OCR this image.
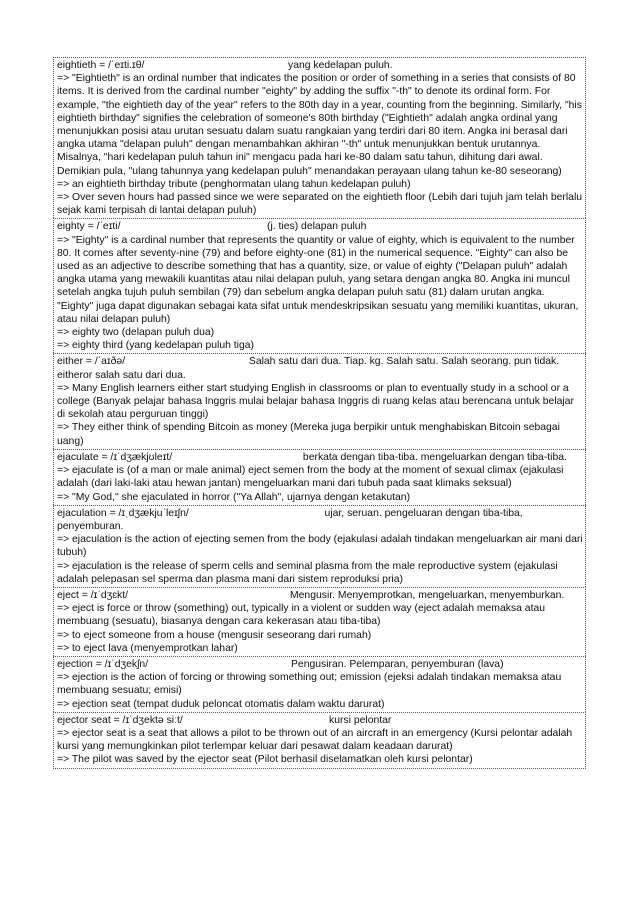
eightieth = /ˈeɪti.ɪθ/	yang kedelapan puluh.
=> "Eightieth" is an ordinal number that indicates the position or order of something in a series that consists of 80 items. It is derived from the cardinal number "eighty" by adding the suffix "-th" to denote its ordinal form. For example, "the eightieth day of the year" refers to the 80th day in a year, counting from the beginning. Similarly, "his eightieth birthday" signifies the celebration of someone's 80th birthday ("Eightieth" adalah angka ordinal yang menunjukkan posisi atau urutan sesuatu dalam suatu rangkaian yang terdiri dari 80 item. Angka ini berasal dari angka utama "delapan puluh" dengan menambahkan akhiran "-th" untuk menunjukkan bentuk urutannya. Misalnya, "hari kedelapan puluh tahun ini" mengacu pada hari ke-80 dalam satu tahun, dihitung dari awal. Demikian pula, "ulang tahunnya yang kedelapan puluh" menandakan perayaan ulang tahun ke-80 seseorang)
=> an eightieth birthday tribute (penghormatan ulang tahun kedelapan puluh)
=> Over seven hours had passed since we were separated on the eightieth floor (Lebih dari tujuh jam telah berlalu sejak kami terpisah di lantai delapan puluh)
eighty = /ˈeɪti/	(j. ties) delapan puluh
=> "Eighty" is a cardinal number that represents the quantity or value of eighty, which is equivalent to the number 80. It comes after seventy-nine (79) and before eighty-one (81) in the numerical sequence. "Eighty" can also be used as an adjective to describe something that has a quantity, size, or value of eighty ("Delapan puluh" adalah angka utama yang mewakili kuantitas atau nilai delapan puluh, yang setara dengan angka 80. Angka ini muncul setelah angka tujuh puluh sembilan (79) dan sebelum angka delapan puluh satu (81) dalam urutan angka. "Eighty" juga dapat digunakan sebagai kata sifat untuk mendeskripsikan sesuatu yang memiliki kuantitas, ukuran, atau nilai delapan puluh)
=> eighty two (delapan puluh dua)
=> eighty third (yang kedelapan puluh tiga)
either = /ˈaɪðə/	Salah satu dari dua. Tiap. kg. Salah satu. Salah seorang. pun tidak. eitheror salah satu dari dua.
=> Many English learners either start studying English in classrooms or plan to eventually study in a school or a college (Banyak pelajar bahasa Inggris mulai belajar bahasa Inggris di ruang kelas atau berencana untuk belajar di sekolah atau perguruan tinggi)
=> They either think of spending Bitcoin as money (Mereka juga berpikir untuk menghabiskan Bitcoin sebagai uang)
ejaculate = /ɪˈdʒækjʊleɪt/	berkata dengan tiba-tiba. mengeluarkan dengan tiba-tiba.
=> ejaculate is (of a man or male animal) eject semen from the body at the moment of sexual climax (ejakulasi adalah (dari laki-laki atau hewan jantan) mengeluarkan mani dari tubuh pada saat klimaks seksual)
=> "My God," she ejaculated in horror ("Ya Allah", ujarnya dengan ketakutan)
ejaculation = /ɪˌdʒækjuˈleɪʃn/	ujar, seruan. pengeluaran dengan tiba-tiba, penyemburan.
=> ejaculation is the action of ejecting semen from the body (ejakulasi adalah tindakan mengeluarkan air mani dari tubuh)
=> ejaculation is the release of sperm cells and seminal plasma from the male reproductive system (ejakulasi adalah pelepasan sel sperma dan plasma mani dari sistem reproduksi pria)
eject = /ɪˈdʒɛkt/	Mengusir. Menyemprotkan, mengeluarkan, menyemburkan.
=> eject is force or throw (something) out, typically in a violent or sudden way (eject adalah memaksa atau membuang (sesuatu), biasanya dengan cara kekerasan atau tiba-tiba)
=> to eject someone from a house (mengusir seseorang dari rumah)
=> to eject lava (menyemprotkan lahar)
ejection = /ɪˈdʒekʃn/	Pengusiran. Pelemparan, penyemburan (lava)
=> ejection is the action of forcing or throwing something out; emission (ejeksi adalah tindakan memaksa atau membuang sesuatu; emisi)
=> ejection seat (tempat duduk peloncat otomatis dalam waktu darurat)
ejector seat = /ɪˈdʒektə siːt/	kursi pelontar
=> ejector seat is a seat that allows a pilot to be thrown out of an aircraft in an emergency (Kursi pelontar adalah kursi yang memungkinkan pilot terlempar keluar dari pesawat dalam keadaan darurat)
=> The pilot was saved by the ejector seat (Pilot berhasil diselamatkan oleh kursi pelontar)
